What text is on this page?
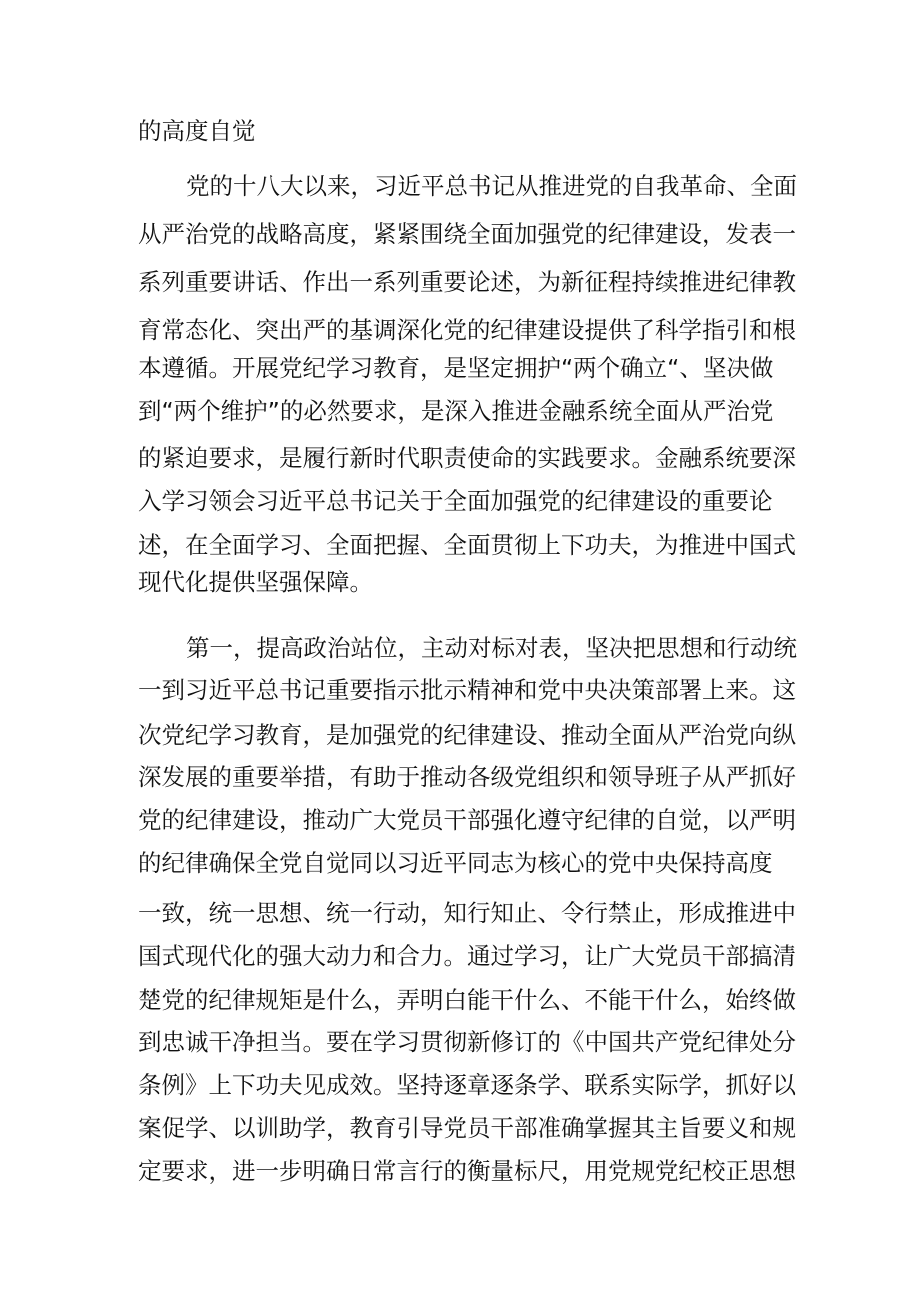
的高度自觉

党的十八大以来，习近平总书记从推进党的自我革命、全面

从严治党的战略高度，紧紧围绕全面加强党的纪律建设，发表一

系列重要讲话、作出一系列重要论述，为新征程持续推进纪律教

育常态化、突出严的基调深化党的纪律建设提供了科学指引和根

本遵循。开展党纪学习教育，是坚定拥护“两个确立“、坚决做

到“两个维护”的必然要求，是深入推进金融系统全面从严治党

的紧迫要求，是履行新时代职责使命的实践要求。金融系统要深

入学习领会习近平总书记关于全面加强党的纪律建设的重要论

述，在全面学习、全面把握、全面贯彻上下功夫，为推进中国式

现代化提供坚强保障。

第一，提高政治站位，主动对标对表，坚决把思想和行动统

一到习近平总书记重要指示批示精神和党中央决策部署上来。这

次党纪学习教育，是加强党的纪律建设、推动全面从严治党向纵

深发展的重要举措，有助于推动各级党组织和领导班子从严抓好

党的纪律建设，推动广大党员干部强化遵守纪律的自觉，以严明

的纪律确保全党自觉同以习近平同志为核心的党中央保持高度

一致，统一思想、统一行动，知行知止、令行禁止，形成推进中

国式现代化的强大动力和合力。通过学习，让广大党员干部搞清

楚党的纪律规矩是什么，弄明白能干什么、不能干什么，始终做

到忠诚干净担当。要在学习贯彻新修订的《中国共产党纪律处分

条例》上下功夫见成效。坚持逐章逐条学、联系实际学，抓好以

案促学、以训助学，教育引导党员干部准确掌握其主旨要义和规

定要求，进一步明确日常言行的衡量标尺，用党规党纪校正思想
